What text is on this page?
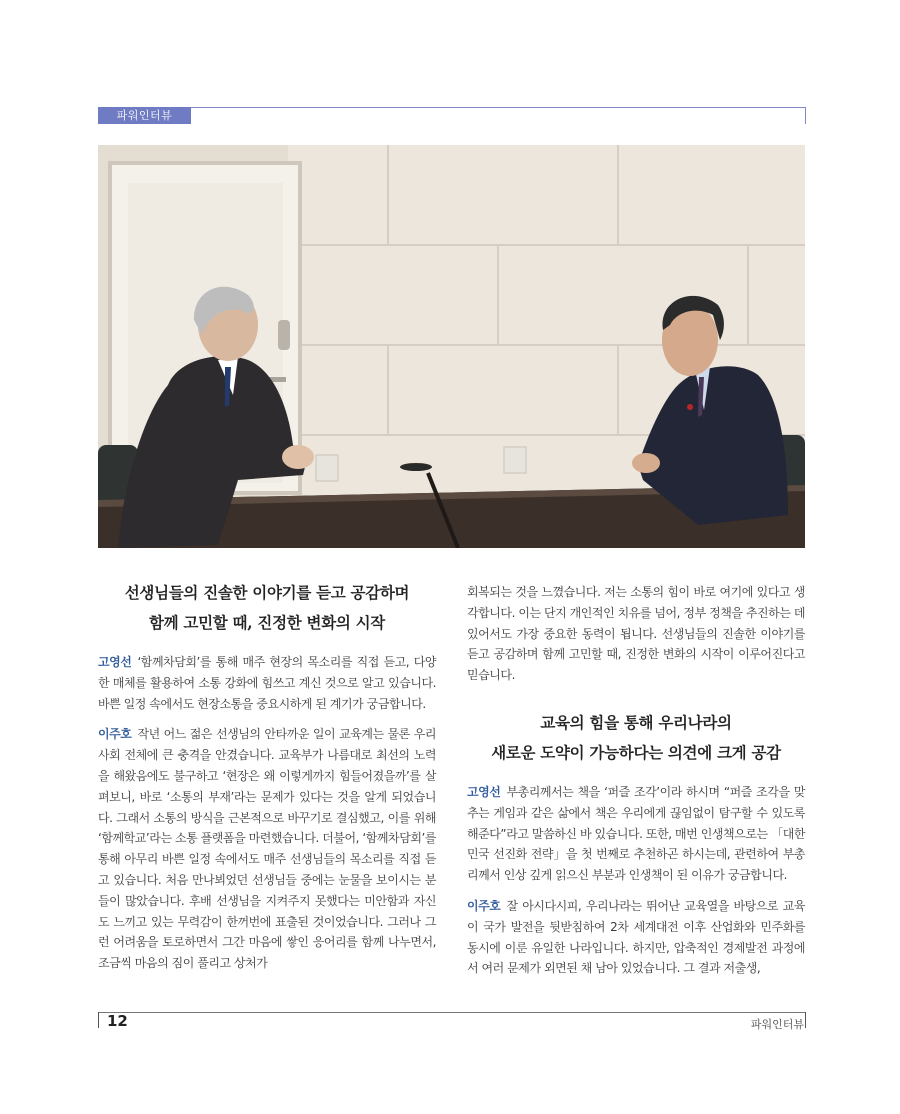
파워인터뷰
선생님들의 진솔한 이야기를 듣고 공감하며
함께 고민할 때, 진정한 변화의 시작

고영선 ‘함께차담회’를 통해 매주 현장의 목소리를 직접 듣고, 다양한 매체를 활용하여 소통 강화에 힘쓰고 계신 것으로 알고 있습니다. 바쁜 일정 속에서도 현장소통을 중요시하게 된 계기가 궁금합니다.

이주호 작년 어느 젊은 선생님의 안타까운 일이 교육계는 물론 우리사회 전체에 큰 충격을 안겼습니다. 교육부가 나름대로 최선의 노력을 해왔음에도 불구하고 ‘현장은 왜 이렇게까지 힘들어졌을까’를 살펴보니, 바로 ‘소통의 부재’라는 문제가 있다는 것을 알게 되었습니다. 그래서 소통의 방식을 근본적으로 바꾸기로 결심했고, 이를 위해 ‘함께학교’라는 소통 플랫폼을 마련했습니다. 더불어, ‘함께차담회’를 통해 아무리 바쁜 일정 속에서도 매주 선생님들의 목소리를 직접 듣고 있습니다. 처음 만나뵈었던 선생님들 중에는 눈물을 보이시는 분들이 많았습니다. 후배 선생님을 지켜주지 못했다는 미안함과 자신도 느끼고 있는 무력감이 한꺼번에 표출된 것이었습니다. 그러나 그런 어려움을 토로하면서 그간 마음에 쌓인 응어리를 함께 나누면서, 조금씩 마음의 짐이 풀리고 상처가

회복되는 것을 느꼈습니다. 저는 소통의 힘이 바로 여기에 있다고 생각합니다. 이는 단지 개인적인 치유를 넘어, 정부 정책을 추진하는 데 있어서도 가장 중요한 동력이 됩니다. 선생님들의 진솔한 이야기를 듣고 공감하며 함께 고민할 때, 진정한 변화의 시작이 이루어진다고 믿습니다.

교육의 힘을 통해 우리나라의
새로운 도약이 가능하다는 의견에 크게 공감

고영선 부총리께서는 책을 ‘퍼즐 조각’이라 하시며 “퍼즐 조각을 맞추는 게임과 같은 삶에서 책은 우리에게 끊임없이 탐구할 수 있도록 해준다”라고 말씀하신 바 있습니다. 또한, 매번 인생책으로는 「대한민국 선진화 전략」을 첫 번째로 추천하곤 하시는데, 관련하여 부총리께서 인상 깊게 읽으신 부분과 인생책이 된 이유가 궁금합니다.

이주호 잘 아시다시피, 우리나라는 뛰어난 교육열을 바탕으로 교육이 국가 발전을 뒷받침하여 2차 세계대전 이후 산업화와 민주화를 동시에 이룬 유일한 나라입니다. 하지만, 압축적인 경제발전 과정에서 여러 문제가 외면된 채 남아 있었습니다. 그 결과 저출생,

12	파워인터뷰
